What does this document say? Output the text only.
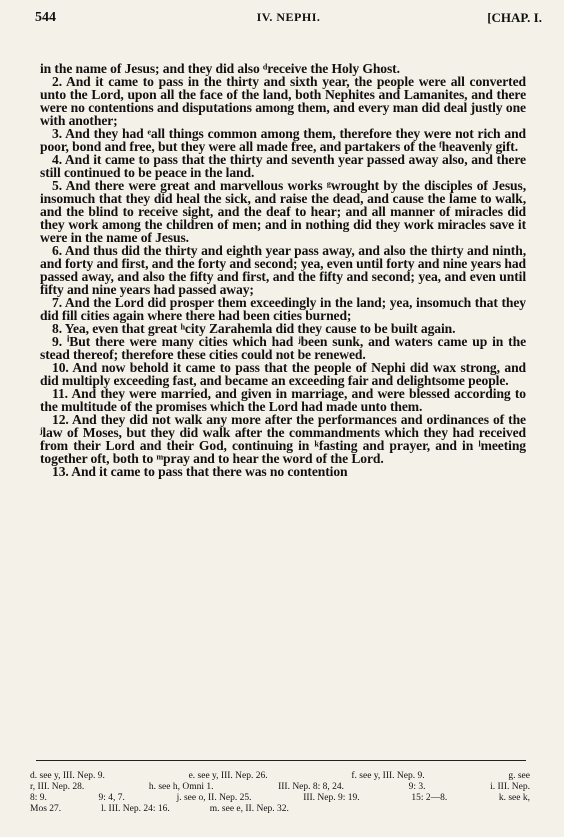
544	IV. NEPHI.	[CHAP. I.

in the name of Jesus; and they did also ᵈreceive the Holy Ghost.

2. And it came to pass in the thirty and sixth year, the people were all converted unto the Lord, upon all the face of the land, both Nephites and Lamanites, and there were no contentions and disputations among them, and every man did deal justly one with another;

3. And they had ᵉall things common among them, therefore they were not rich and poor, bond and free, but they were all made free, and partakers of the ᶠheavenly gift.

4. And it came to pass that the thirty and seventh year passed away also, and there still continued to be peace in the land.

5. And there were great and marvellous works ᵍwrought by the disciples of Jesus, insomuch that they did heal the sick, and raise the dead, and cause the lame to walk, and the blind to receive sight, and the deaf to hear; and all manner of miracles did they work among the children of men; and in nothing did they work miracles save it were in the name of Jesus.

6. And thus did the thirty and eighth year pass away, and also the thirty and ninth, and forty and first, and the forty and second; yea, even until forty and nine years had passed away, and also the fifty and first, and the fifty and second; yea, and even until fifty and nine years had passed away;

7. And the Lord did prosper them exceedingly in the land; yea, insomuch that they did fill cities again where there had been cities burned;

8. Yea, even that great ʰcity Zarahemla did they cause to be built again.

9. ⁱBut there were many cities which had ʲbeen sunk, and waters came up in the stead thereof; therefore these cities could not be renewed.

10. And now behold it came to pass that the people of Nephi did wax strong, and did multiply exceeding fast, and became an exceeding fair and delightsome people.

11. And they were married, and given in marriage, and were blessed according to the multitude of the promises which the Lord had made unto them.

12. And they did not walk any more after the performances and ordinances of the ʲlaw of Moses, but they did walk after the commandments which they had received from their Lord and their God, continuing in ᵏfasting and prayer, and in ˡmeeting together oft, both to ᵐpray and to hear the word of the Lord.

13. And it came to pass that there was no contention

d. see y, III. Nep. 9.	e. see y, III. Nep. 26.	f. see y, III. Nep. 9.	g. see
r, III. Nep. 28.	h. see h, Omni 1.	III. Nep. 8: 8, 24.	9: 3.	i. III. Nep.
8: 9.	9: 4, 7.	j. see o, II. Nep. 25.	III. Nep. 9: 19.	15: 2—8.	k. see k,
Mos 27.	l. III. Nep. 24: 16.	m. see e, II. Nep. 32.
